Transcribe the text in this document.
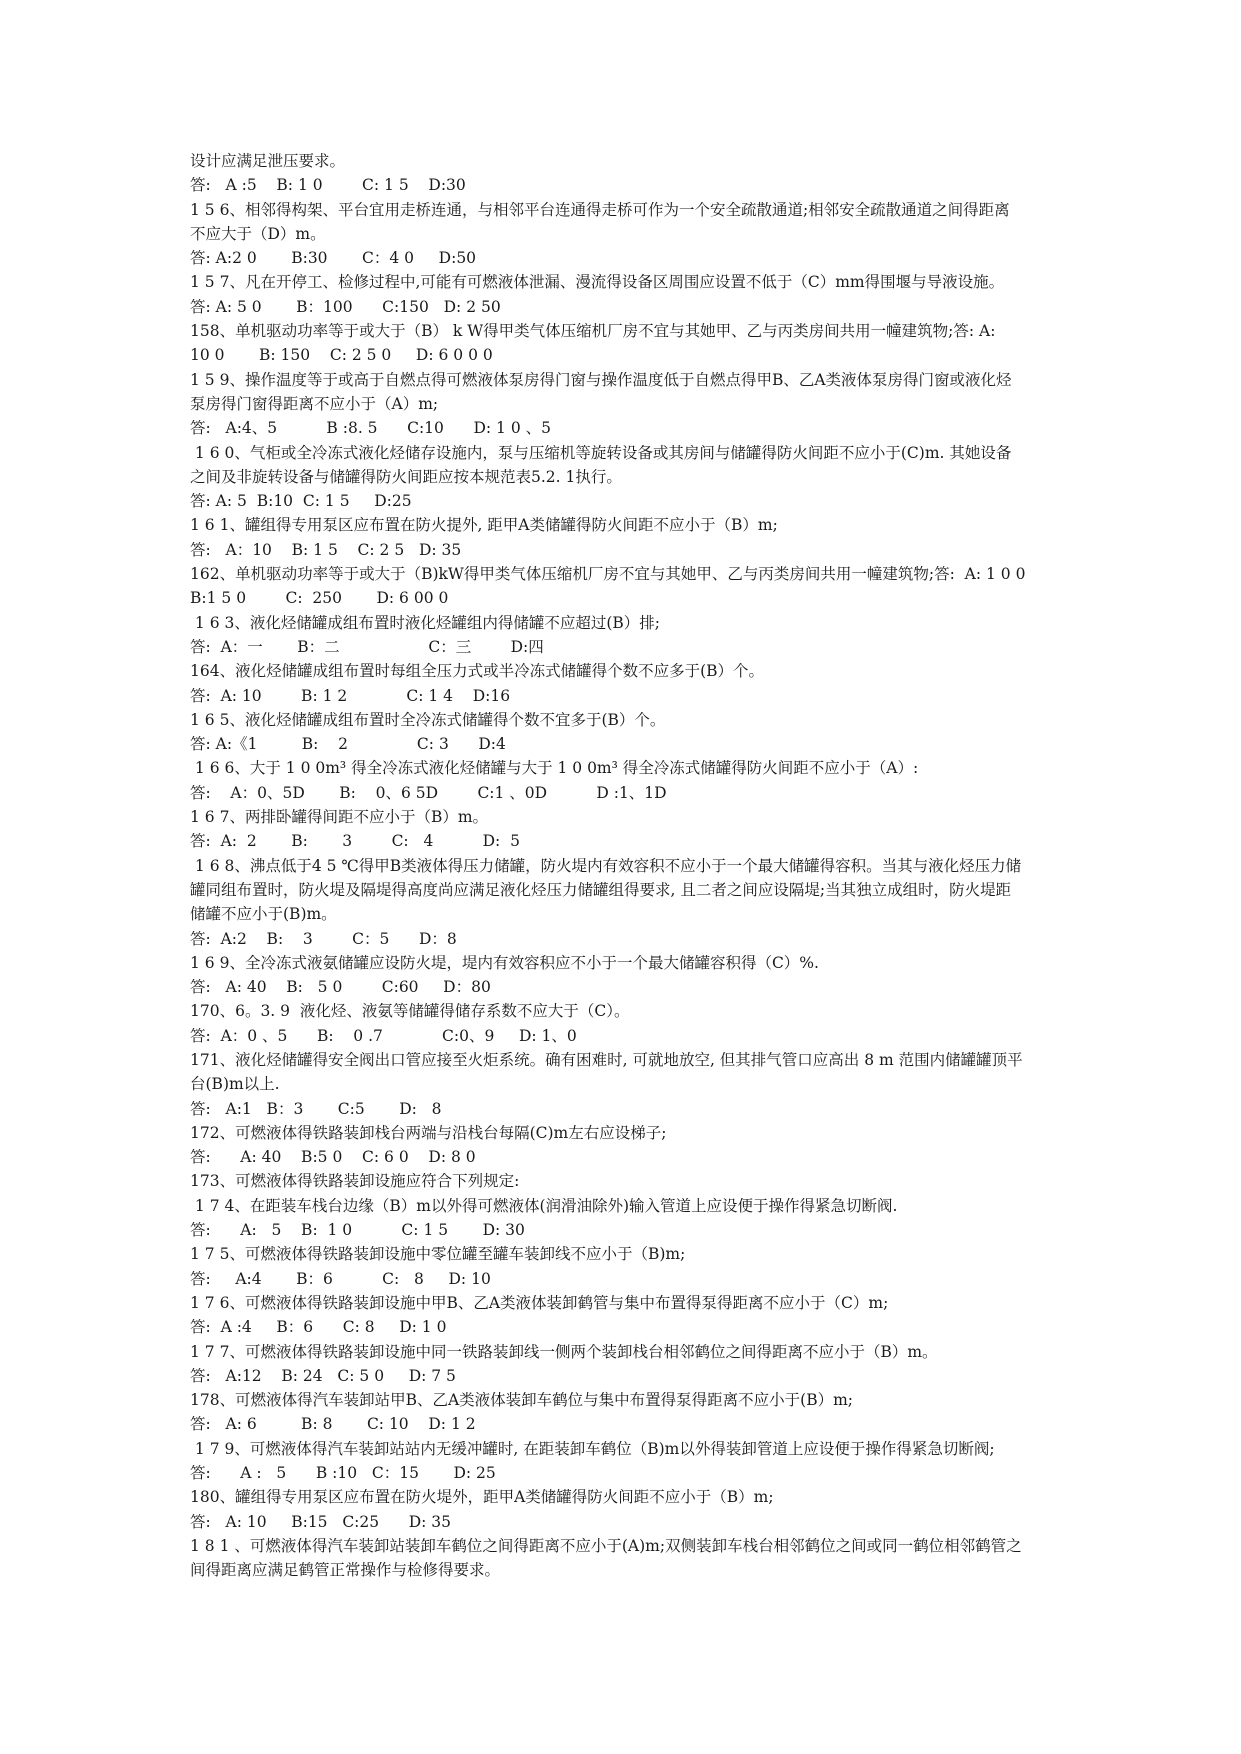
设计应满足泄压要求。
答:   A :5    B: 1 0        C: 1 5    D:30
1 5 6、相邻得构架、平台宜用走桥连通，与相邻平台连通得走桥可作为一个安全疏散通道;相邻安全疏散通道之间得距离
不应大于（D）m。
答: A:2 0       B:30       C：4 0     D:50
1 5 7、凡在开停工、检修过程中,可能有可燃液体泄漏、漫流得设备区周围应设置不低于（C）mm得围堰与导液设施。
答: A: 5 0       B：100      C:150   D: 2 50
158、单机驱动功率等于或大于（B） k W得甲类气体压缩机厂房不宜与其她甲、乙与丙类房间共用一幢建筑物;答: A:
10 0       B: 150    C: 2 5 0     D: 6 0 0 0
1 5 9、操作温度等于或高于自燃点得可燃液体泵房得门窗与操作温度低于自燃点得甲B、乙A类液体泵房得门窗或液化烃
泵房得门窗得距离不应小于（A）m;
答:   A:4、5          B :8. 5      C:10      D: 1 0 、5
1 6 0、气柜或全冷冻式液化烃储存设施内，泵与压缩机等旋转设备或其房间与储罐得防火间距不应小于(C)m. 其她设备
之间及非旋转设备与储罐得防火间距应按本规范表5.2. 1执行。
答: A: 5  B:10  C: 1 5     D:25
1 6 1、罐组得专用泵区应布置在防火提外, 距甲A类储罐得防火间距不应小于（B）m;
答:   A：10    B: 1 5    C: 2 5   D: 35
162、单机驱动功率等于或大于（B)kW得甲类气体压缩机厂房不宜与其她甲、乙与丙类房间共用一幢建筑物;答:  A: 1 0 0
B:1 5 0        C:  250       D: 6 00 0
1 6 3、液化烃储罐成组布置时液化烃罐组内得储罐不应超过(B）排;
答:  A：一       B：二                  C：三        D:四
164、液化烃储罐成组布置时每组全压力式或半冷冻式储罐得个数不应多于(B）个。
答:  A: 10        B: 1 2            C: 1 4    D:16
1 6 5、液化烃储罐成组布置时全冷冻式储罐得个数不宜多于(B）个。
答: A:《1         B:    2              C: 3      D:4
1 6 6、大于 1 0 0m³ 得全冷冻式液化烃储罐与大于 1 0 0m³ 得全冷冻式储罐得防火间距不应小于（A）:
答:    A：0、5D       B:    0、6 5D        C:1 、0D          D :1、1D
1 6 7、两排卧罐得间距不应小于（B）m。
答:  A:  2       B:       3        C:   4          D:  5
1 6 8、沸点低于4 5 ℃得甲B类液体得压力储罐，防火堤内有效容积不应小于一个最大储罐得容积。当其与液化烃压力储
罐同组布置时，防火堤及隔堤得高度尚应满足液化烃压力储罐组得要求, 且二者之间应设隔堤;当其独立成组时，防火堤距
储罐不应小于(B)m。
答:  A:2    B:    3        C：5      D：8
1 6 9、全冷冻式液氨储罐应设防火堤，堤内有效容积应不小于一个最大储罐容积得（C）%.
答:   A: 40    B:   5 0        C:60     D：80
170、6。3. 9  液化烃、液氨等储罐得储存系数不应大于（C）。
答:  A：0 、5      B:    0 .7            C:0、9     D: 1、0
171、液化烃储罐得安全阀出口管应接至火炬系统。确有困难时, 可就地放空, 但其排气管口应高出 8 m 范围内储罐罐顶平
台(B)m以上.
答:   A:1   B：3       C:5       D:   8
172、可燃液体得铁路装卸栈台两端与沿栈台每隔(C)m左右应设梯子;
答:      A: 40    B:5 0    C: 6 0    D: 8 0
173、可燃液体得铁路装卸设施应符合下列规定:
1 7 4、在距装车栈台边缘（B）m以外得可燃液体(润滑油除外)输入管道上应设便于操作得紧急切断阀.
答:      A:   5    B:  1 0          C: 1 5       D: 30
1 7 5、可燃液体得铁路装卸设施中零位罐至罐车装卸线不应小于（B)m;
答:     A:4       B：6          C:   8     D: 10
1 7 6、可燃液体得铁路装卸设施中甲B、乙A类液体装卸鹤管与集中布置得泵得距离不应小于（C）m;
答:  A :4     B：6      C: 8     D: 1 0
1 7 7、可燃液体得铁路装卸设施中同一铁路装卸线一侧两个装卸栈台相邻鹤位之间得距离不应小于（B）m。
答:   A:12    B: 24   C: 5 0     D: 7 5
178、可燃液体得汽车装卸站甲B、乙A类液体装卸车鹤位与集中布置得泵得距离不应小于(B）m;
答:   A: 6         B: 8       C: 10    D: 1 2
1 7 9、可燃液体得汽车装卸站站内无缓冲罐时, 在距装卸车鹤位（B)m以外得装卸管道上应设便于操作得紧急切断阀;
答:      A :   5      B :10   C：15       D: 25
180、罐组得专用泵区应布置在防火堤外，距甲A类储罐得防火间距不应小于（B）m;
答:   A: 10     B:15   C:25      D: 35
1 8 1 、可燃液体得汽车装卸站装卸车鹤位之间得距离不应小于(A)m;双侧装卸车栈台相邻鹤位之间或同一鹤位相邻鹤管之
间得距离应满足鹤管正常操作与检修得要求。
